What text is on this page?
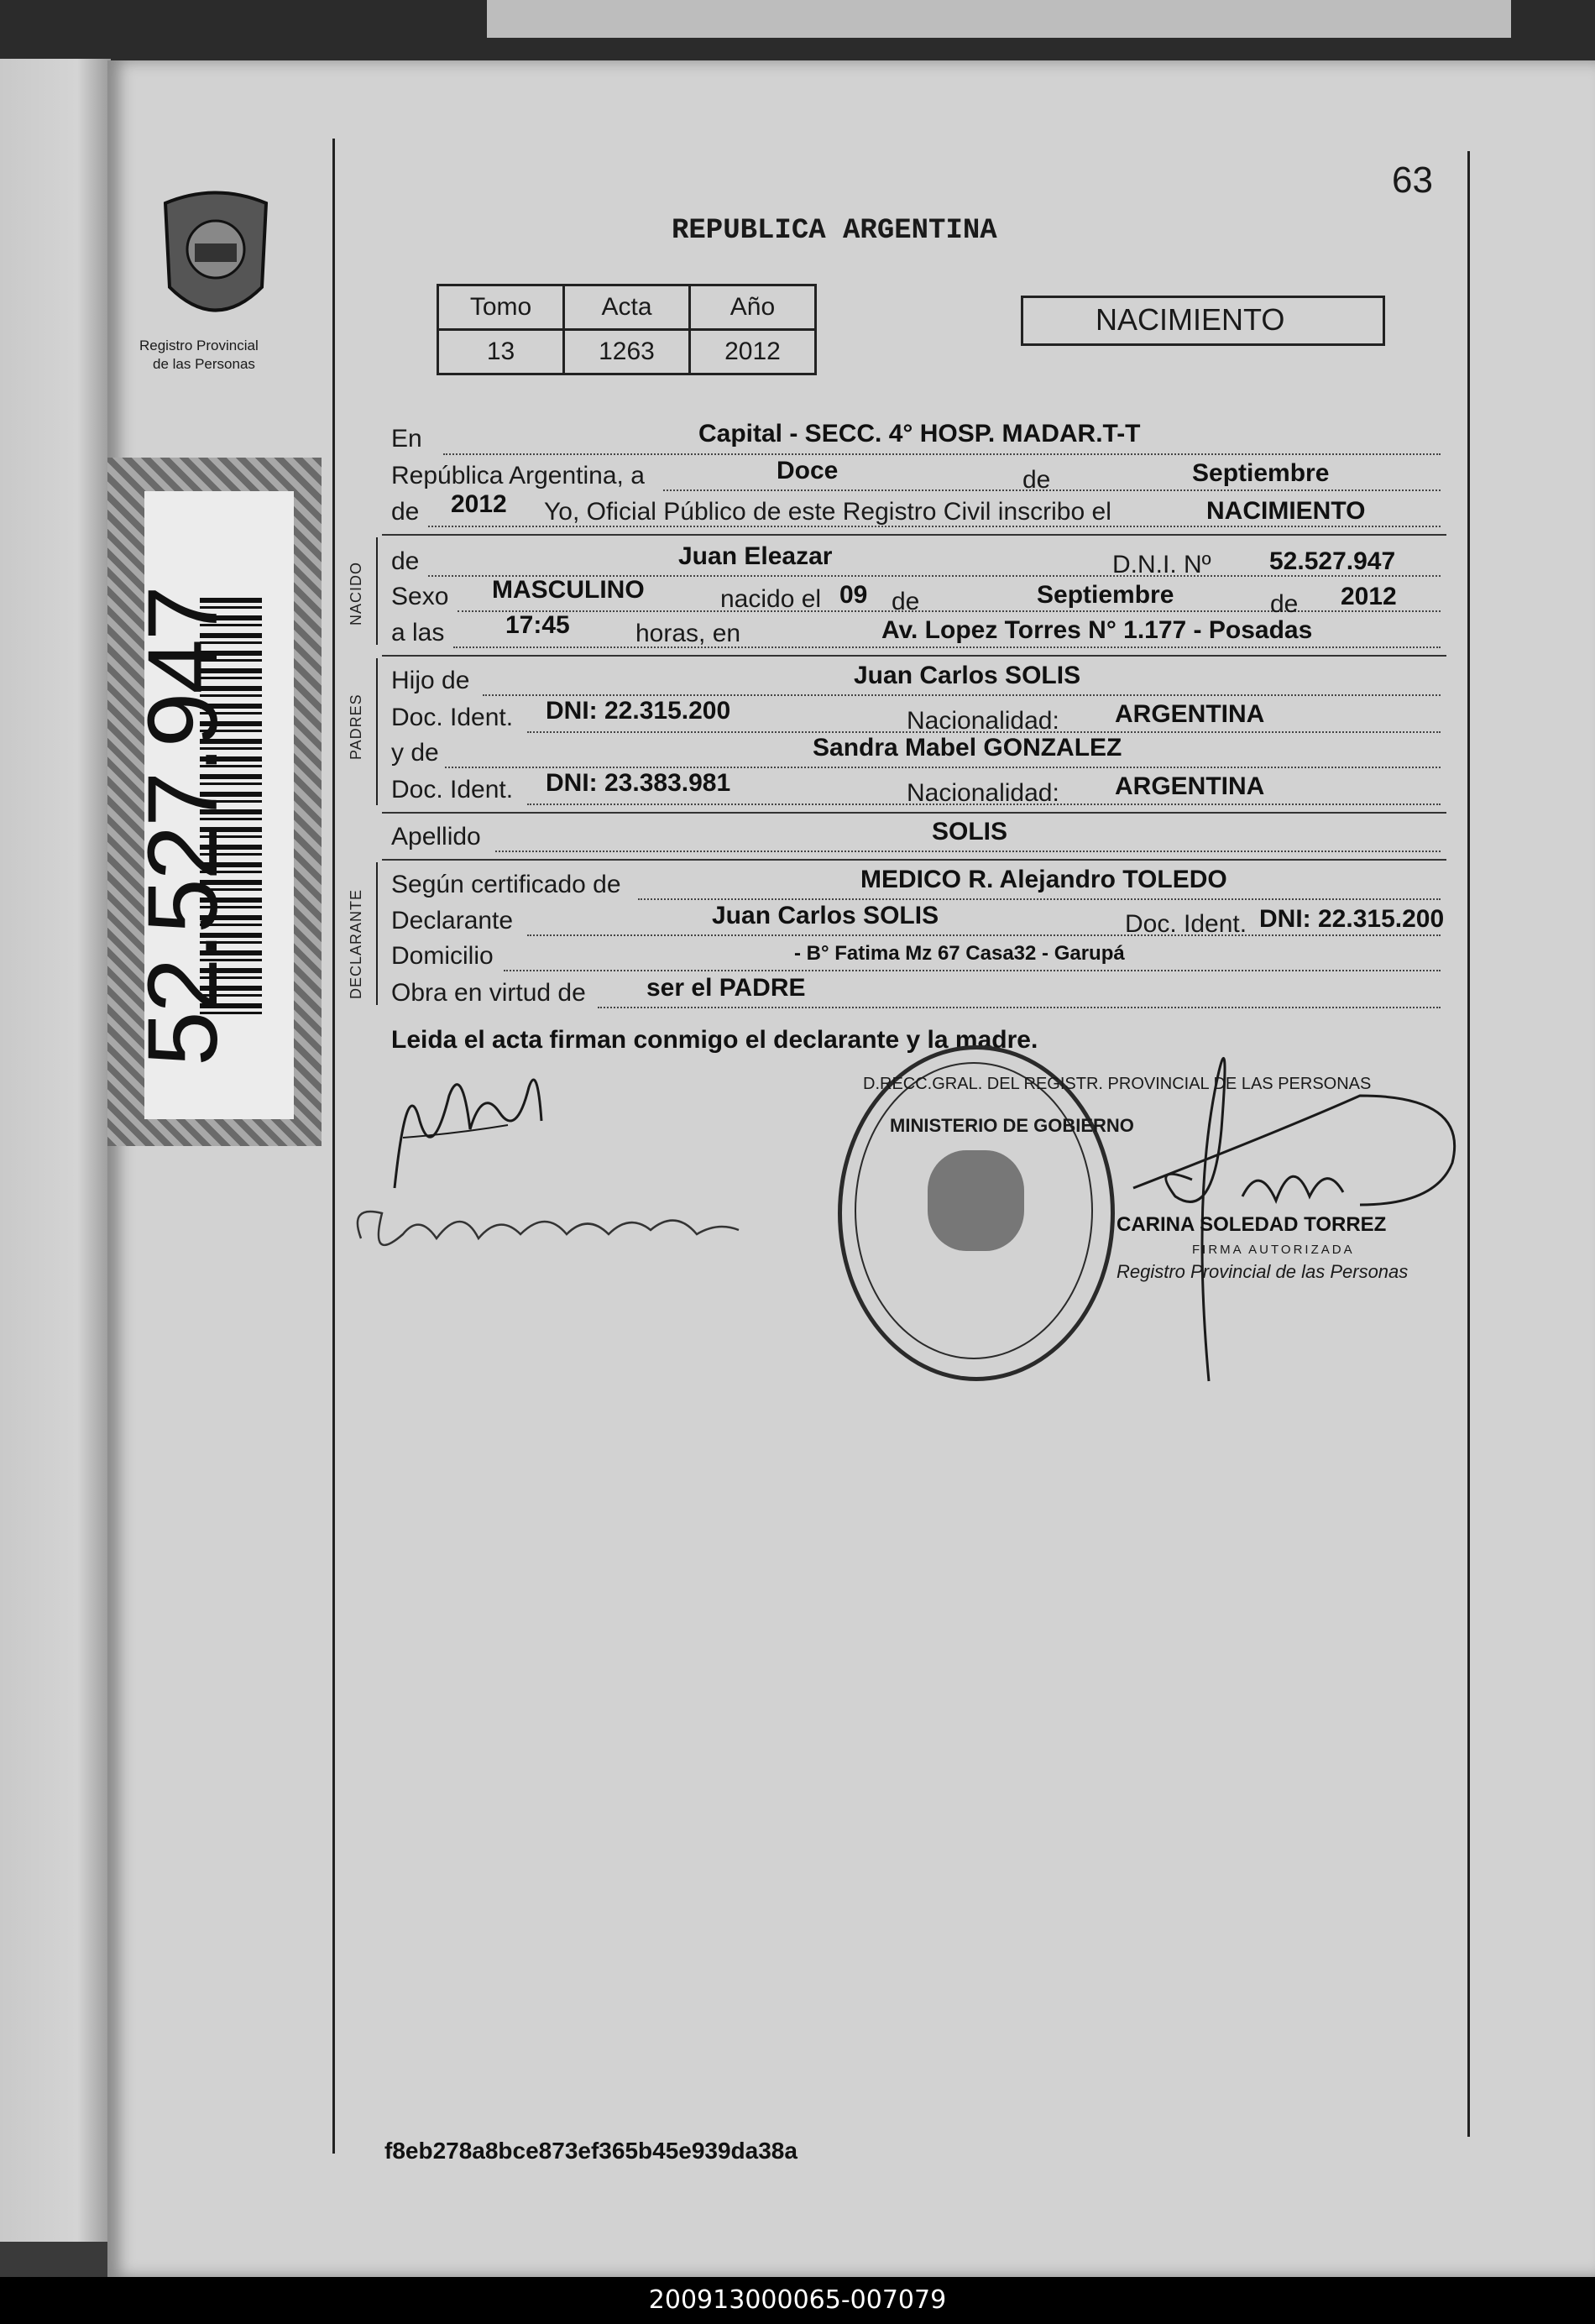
Registro Provincial
de las Personas
52.527.947
63
REPUBLICA ARGENTINA
Tomo	Acta	Año
13	1263	2012
NACIMIENTO
En	Capital - SECC. 4° HOSP. MADAR.T-T
República Argentina, a	Doce	de	Septiembre
de 2012 Yo, Oficial Público de este Registro Civil inscribo el	NACIMIENTO
NACIDO
de	Juan Eleazar	D.N.I. Nº 52.527.947
Sexo MASCULINO	nacido el 09 de	Septiembre	de 2012
a las 17:45	horas, en	Av. Lopez Torres N° 1.177 - Posadas
PADRES
Hijo de	Juan Carlos SOLIS
Doc. Ident. DNI: 22.315.200	Nacionalidad: ARGENTINA
y de	Sandra Mabel GONZALEZ
Doc. Ident. DNI: 23.383.981	Nacionalidad: ARGENTINA
Apellido	SOLIS
DECLARANTE
Según certificado de	MEDICO R. Alejandro TOLEDO
Declarante	Juan Carlos SOLIS	Doc. Ident. DNI: 22.315.200
Domicilio	- B° Fatima Mz 67 Casa32 - Garupá
Obra en virtud de ser el PADRE
Leida el acta firman conmigo el declarante y la madre.
MINISTERIO DE GOBIERNO
D.RECC.GRAL. DEL REGISTR. PROVINCIAL DE LAS PERSONAS
CARINA SOLEDAD TORREZ
FIRMA AUTORIZADA
Registro Provincial de las Personas
f8eb278a8bce873ef365b45e939da38a
200913000065-007079
